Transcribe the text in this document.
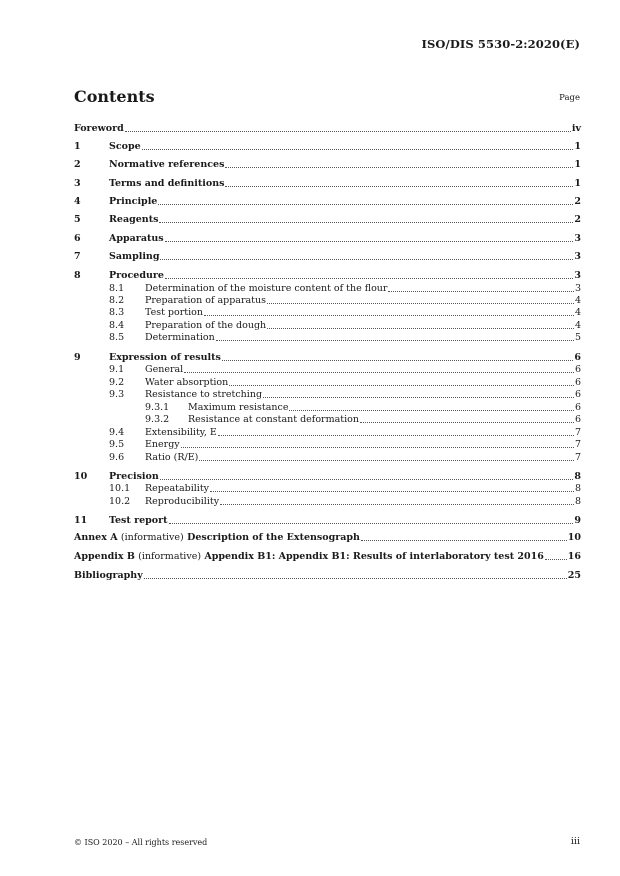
ISO/DIS 5530-2:2020(E)
Contents	Page
Foreword	iv
1	Scope	1
2	Normative references	1
3	Terms and definitions	1
4	Principle	2
5	Reagents	2
6	Apparatus	3
7	Sampling	3
8	Procedure	3
8.1	Determination of the moisture content of the flour	3
8.2	Preparation of apparatus	4
8.3	Test portion	4
8.4	Preparation of the dough	4
8.5	Determination	5
9	Expression of results	6
9.1	General	6
9.2	Water absorption	6
9.3	Resistance to stretching	6
9.3.1	Maximum resistance	6
9.3.2	Resistance at constant deformation	6
9.4	Extensibility, E	7
9.5	Energy	7
9.6	Ratio (R/E)	7
10	Precision	8
10.1	Repeatability	8
10.2	Reproducibility	8
11	Test report	9
Annex A (informative) Description of the Extensograph	10
Appendix B (informative) Appendix B1: Appendix B1: Results of interlaboratory test 2016	16
Bibliography	25
© ISO 2020 – All rights reserved	iii
